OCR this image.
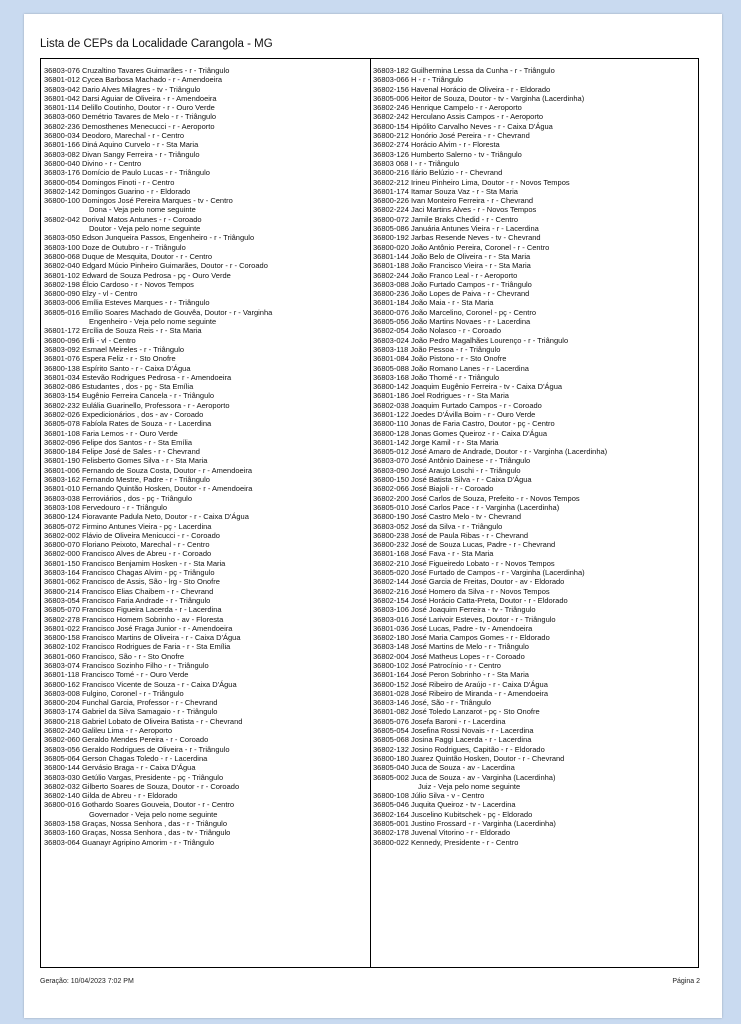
Lista de CEPs da Localidade Carangola - MG
36803-076 Cruzaltino Tavares Guimarães - r - Triângulo
36801-012 Cycea Barbosa Machado - r - Amendoeira
36803-042 Dario Alves Milagres - tv - Triângulo
36801-042 Darsi Aguiar de Oliveira - r - Amendoeira
36801-114 Delillo Coutinho, Doutor - r - Ouro Verde
36803-060 Demétrio Tavares de Melo - r - Triângulo
36802-236 Demosthenes Menecucci - r - Aeroporto
36800-034 Deodoro, Marechal - r - Centro
36801-166 Diná Aquino Curvelo - r - Sta Maria
36803-082 Divan Sangy Ferreira - r - Triângulo
36800-040 Divino - r - Centro
36803-176 Domício de Paulo Lucas - r - Triângulo
36800-054 Domingos Finoti - r - Centro
36802-142 Domingos Guarino - r - Eldorado
36800-100 Domingos José Pereira Marques - tv - Centro
Dona - Veja pelo nome seguinte
36802-042 Dorival Matos Antunes - r - Coroado
Doutor - Veja pelo nome seguinte
36803-050 Edson Junqueira Passos, Engenheiro - r - Triângulo
36803-100 Doze de Outubro - r - Triângulo
36800-068 Duque de Mesquita, Doutor - r - Centro
36802-040 Edgard Múcio Pinheiro Guimarães, Doutor - r - Coroado
36801-102 Edward de Souza Pedrosa - pç - Ouro Verde
36802-198 Élcio Cardoso - r - Novos Tempos
36800-090 Elzy - vl - Centro
36803-006 Emília Esteves Marques - r - Triângulo
36805-016 Emílio Soares Machado de Gouvêa, Doutor - r - Varginha
Engenheiro - Veja pelo nome seguinte
36801-172 Ercília de Souza Reis - r - Sta Maria
36800-096 Erlli - vl - Centro
36803-092 Esmael Meireles - r - Triângulo
36801-076 Espera Feliz - r - Sto Onofre
36800-138 Espírito Santo - r - Caixa D'Água
36801-034 Estevão Rodrigues Pedrosa - r - Amendoeira
36802-086 Estudantes , dos - pç - Sta Emília
36803-154 Eugênio Ferreira Cancela - r - Triângulo
36802-232 Eulália Guarinello, Professora - r - Aeroporto
36802-026 Expedicionários , dos - av - Coroado
36805-078 Fabíola Rates de Souza - r - Lacerdina
36801-108 Faria Lemos - r - Ouro Verde
36802-096 Felipe dos Santos - r - Sta Emília
36800-184 Felipe José de Sales - r - Chevrand
36801-190 Felisberto Gomes Silva - r - Sta Maria
36801-006 Fernando de Souza Costa, Doutor - r - Amendoeira
36803-162 Fernando Mestre, Padre - r - Triângulo
36801-010 Fernando Quintão Hosken, Doutor - r - Amendoeira
36803-038 Ferroviários , dos - pç - Triângulo
36803-108 Fervedouro - r - Triângulo
36800-124 Fioravante Padula Neto, Doutor - r - Caixa D'Água
36805-072 Firmino Antunes Vieira - pç - Lacerdina
36802-002 Flávio de Oliveira Menicucci - r - Coroado
36800-070 Floriano Peixoto, Marechal - r - Centro
36802-000 Francisco Alves de Abreu - r - Coroado
36801-150 Francisco Benjamim Hosken - r - Sta Maria
36803-164 Francisco Chagas Alvim - pç - Triângulo
36801-062 Francisco de Assis, São - lrg - Sto Onofre
36800-214 Francisco Elias Chaibem - r - Chevrand
36803-054 Francisco Faria Andrade - r - Triângulo
36805-070 Francisco Figueira Lacerda - r - Lacerdina
36802-278 Francisco Homem Sobrinho - av - Floresta
36801-022 Francisco José Fraga Junior - r - Amendoeira
36800-158 Francisco Martins de Oliveira - r - Caixa D'Água
36802-102 Francisco Rodrigues de Faria - r - Sta Emília
36801-060 Francisco, São - r - Sto Onofre
36803-074 Francisco Sozinho Filho - r - Triângulo
36801-118 Francisco Tomé - r - Ouro Verde
36800-162 Francisco Vicente de Souza - r - Caixa D'Água
36803-008 Fulgino, Coronel - r - Triângulo
36800-204 Funchal Garcia, Professor - r - Chevrand
36803-174 Gabriel da Silva Samagaio - r - Triângulo
36800-218 Gabriel Lobato de Oliveira Batista - r - Chevrand
36802-240 Galileu Lima - r - Aeroporto
36802-060 Geraldo Mendes Pereira - r - Coroado
36803-056 Geraldo Rodrigues de Oliveira - r - Triângulo
36805-064 Gerson Chagas Toledo - r - Lacerdina
36800-144 Gervásio Braga - r - Caixa D'Água
36803-030 Getúlio Vargas, Presidente - pç - Triângulo
36802-032 Gilberto Soares de Souza, Doutor - r - Coroado
36802-140 Gilda de Abreu - r - Eldorado
36800-016 Gothardo Soares Gouveia, Doutor - r - Centro
Governador - Veja pelo nome seguinte
36803-158 Graças, Nossa Senhora , das - r - Triângulo
36803-160 Graças, Nossa Senhora , das - tv - Triângulo
36803-064 Guanayr Agripino Amorim - r - Triângulo
36803-182 Guilhermina Lessa da Cunha - r - Triângulo
36803-066 H - r - Triângulo
36802-156 Havenal Horácio de Oliveira - r - Eldorado
36805-006 Heitor de Souza, Doutor - tv - Varginha (Lacerdinha)
36802-246 Henrique Campelo - r - Aeroporto
36802-242 Herculano Assis Campos - r - Aeroporto
36800-154 Hipólito Carvalho Neves - r - Caixa D'Água
36800-212 Honório José Pereira - r - Chevrand
36802-274 Horácio Alvim - r - Floresta
36803-126 Humberto Salerno - tv - Triângulo
36803 068 I - r - Triângulo
36800-216 Ilário Belúzio - r - Chevrand
36802-212 Irineu Pinheiro Lima, Doutor - r - Novos Tempos
36801-174 Itamar Souza Vaz - r - Sta Maria
36800-226 Ivan Monteiro Ferreira - r - Chevrand
36802-224 Jaci Martins Alves - r - Novos Tempos
36800-072 Jamile Braks Chedid - r - Centro
36805-086 Januária Antunes Vieira - r - Lacerdina
36800-192 Jarbas Resende Neves - tv - Chevrand
36800-020 João Antônio Pereira, Coronel - r - Centro
36801-144 João Belo de Oliveira - r - Sta Maria
36801-188 João Francisco Vieira - r - Sta Maria
36802-244 João Franco Leal - r - Aeroporto
36803-088 João Furtado Campos - r - Triângulo
36800-236 João Lopes de Paiva - r - Chevrand
36801-184 João Maia - r - Sta Maria
36800-076 João Marcelino, Coronel - pç - Centro
36805-056 João Martins Novaes - r - Lacerdina
36802-054 João Nolasco - r - Coroado
36803-024 João Pedro Magalhães Lourenço - r - Triângulo
36803-118 João Pessoa - r - Triângulo
36801-084 João Pistono - r - Sto Onofre
36805-088 João Romano Lanes - r - Lacerdina
36803-168 João Thomé - r - Triângulo
36800-142 Joaquim Eugênio Ferreira - tv - Caixa D'Água
36801-186 Joel Rodrigues - r - Sta Maria
36802-038 Joaquim Furtado Campos - r - Coroado
36801-122 Joedes D'Ávilla Boim - r - Ouro Verde
36800-110 Jonas de Faria Castro, Doutor - pç - Centro
36800-128 Jonas Gomes Queiroz - r - Caixa D'Água
36801-142 Jorge Kamil - r - Sta Maria
36805-012 José Amaro de Andrade, Doutor - r - Varginha (Lacerdinha)
36803-070 José Antônio Dainese - r - Triângulo
36803-090 José Araujo Loschi - r - Triângulo
36800-150 José Batista Silva - r - Caixa D'Água
36802-066 José Biajoli - r - Coroado
36802-200 José Carlos de Souza, Prefeito - r - Novos Tempos
36805-010 José Carlos Pace - r - Varginha (Lacerdinha)
36800-190 José Castro Melo - tv - Chevrand
36803-052 José da Silva - r - Triângulo
36800-238 José de Paula Ribas - r - Chevrand
36800-232 José de Souza Lucas, Padre - r - Chevrand
36801-168 José Fava - r - Sta Maria
36802-210 José Figueiredo Lobato - r - Novos Tempos
36805-020 José Furtado de Campos - r - Varginha (Lacerdinha)
36802-144 José Garcia de Freitas, Doutor - av - Eldorado
36802-216 José Homero da Silva - r - Novos Tempos
36802-154 José Horácio Catta-Preta, Doutor - r - Eldorado
36803-106 José Joaquim Ferreira - tv - Triângulo
36803-016 José Larivoir Esteves, Doutor - r - Triângulo
36801-036 José Lucas, Padre - tv - Amendoeira
36802-180 José Maria Campos Gomes - r - Eldorado
36803-148 José Martins de Melo - r - Triângulo
36802-004 José Matheus Lopes - r - Coroado
36800-102 José Patrocínio - r - Centro
36801-164 José Peron Sobrinho - r - Sta Maria
36800-152 José Ribeiro de Araújo - r - Caixa D'Água
36801-028 José Ribeiro de Miranda - r - Amendoeira
36803-146 José, São - r - Triângulo
36801-082 José Toledo Lanzarot - pç - Sto Onofre
36805-076 Josefa Baroni - r - Lacerdina
36805-054 Josefina Rossi Novais - r - Lacerdina
36805-068 Josina Faggi Lacerda - r - Lacerdina
36802-132 Josino Rodrigues, Capitão - r - Eldorado
36800-180 Juarez Quintão Hosken, Doutor - r - Chevrand
36805-040 Juca de Souza - av - Lacerdina
36805-002 Juca de Souza - av - Varginha (Lacerdinha)
Juiz - Veja pelo nome seguinte
36800-108 Júlio Silva - v - Centro
36805-046 Juquita Queiroz - tv - Lacerdina
36802-164 Juscelino Kubitschek - pç - Eldorado
36805-001 Justino Frossard - r - Varginha (Lacerdinha)
36802-178 Juvenal Vitorino - r - Eldorado
36800-022 Kennedy, Presidente - r - Centro
Geração: 10/04/2023 7:02 PM	Página 2
